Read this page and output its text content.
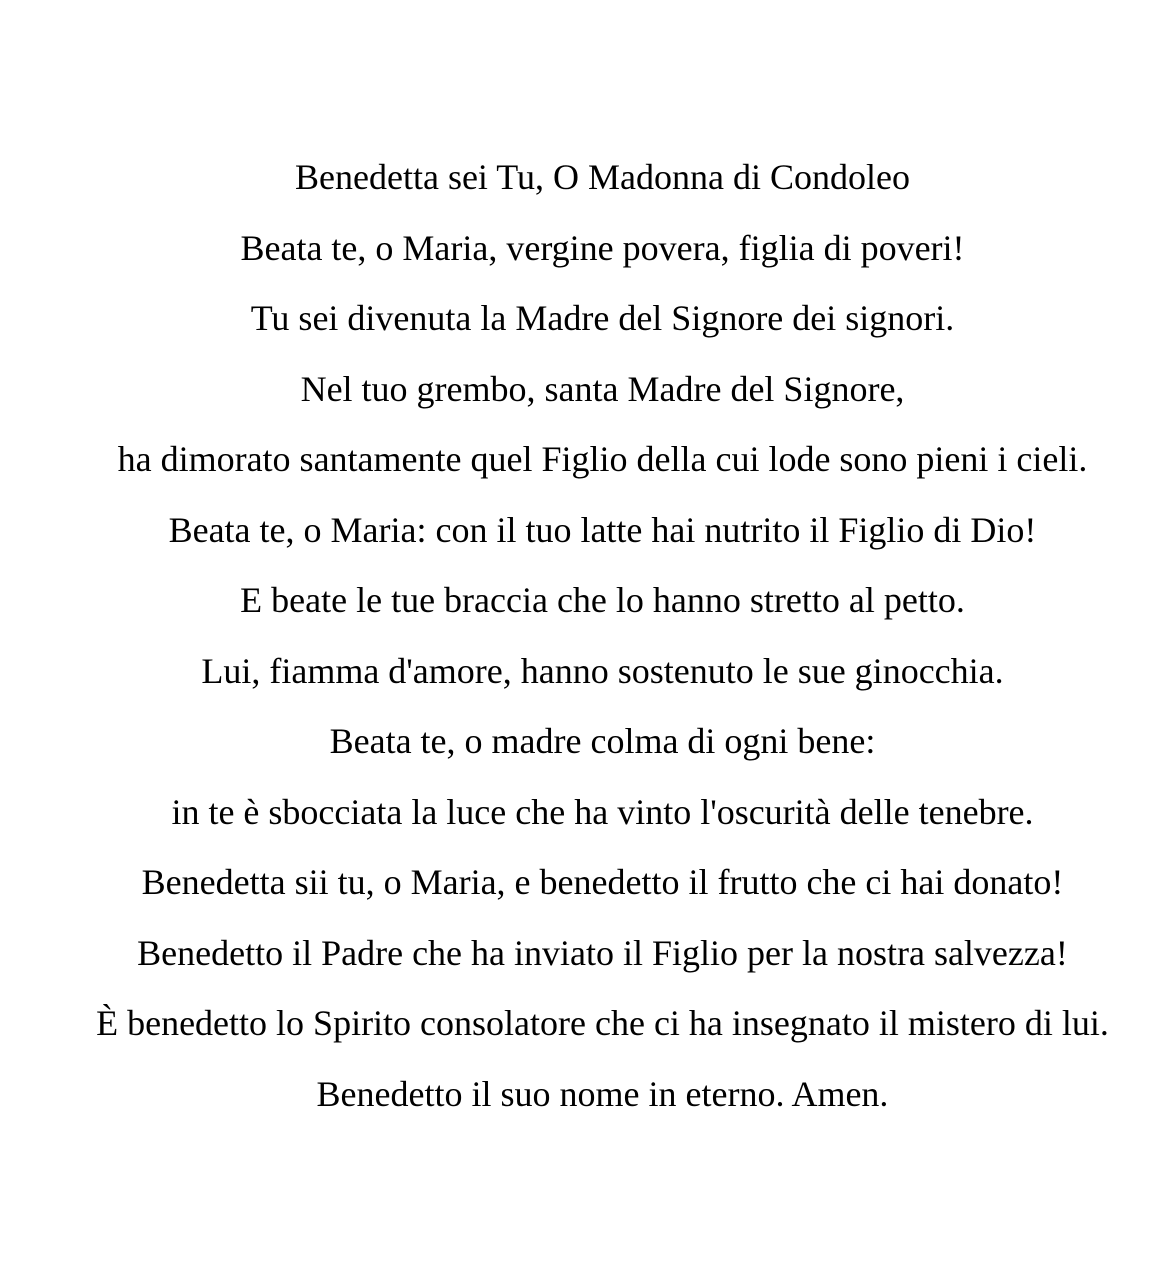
Benedetta sei Tu, O Madonna di Condoleo
Beata te, o Maria, vergine povera, figlia di poveri!
Tu sei divenuta la Madre del Signore dei signori.
Nel tuo grembo, santa Madre del Signore,
ha dimorato santamente quel Figlio della cui lode sono pieni i cieli.
Beata te, o Maria: con il tuo latte hai nutrito il Figlio di Dio!
E beate le tue braccia che lo hanno stretto al petto.
Lui, fiamma d'amore, hanno sostenuto le sue ginocchia.
Beata te, o madre colma di ogni bene:
in te è sbocciata la luce che ha vinto l'oscurità delle tenebre.
Benedetta sii tu, o Maria, e benedetto il frutto che ci hai donato!
Benedetto il Padre che ha inviato il Figlio per la nostra salvezza!
È benedetto lo Spirito consolatore che ci ha insegnato il mistero di lui.
Benedetto il suo nome in eterno. Amen.
